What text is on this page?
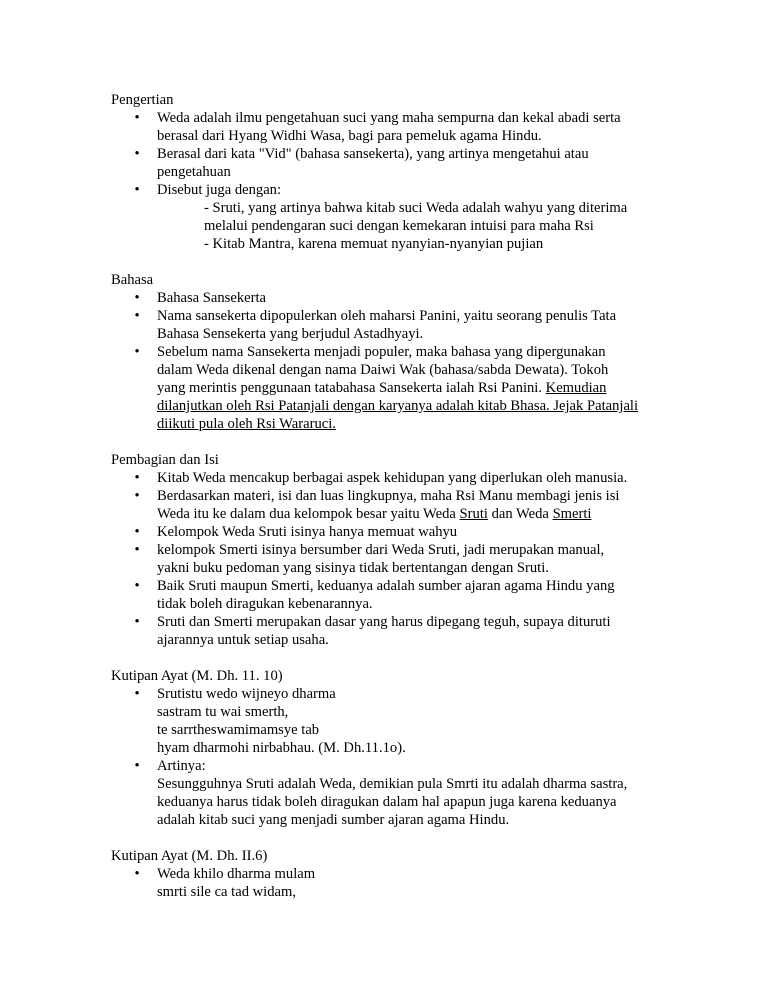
Pengertian
• Weda adalah ilmu pengetahuan suci yang maha sempurna dan kekal abadi serta
berasal dari Hyang Widhi Wasa, bagi para pemeluk agama Hindu.
• Berasal dari kata "Vid" (bahasa sansekerta), yang artinya mengetahui atau
pengetahuan
• Disebut juga dengan:
- Sruti, yang artinya bahwa kitab suci Weda adalah wahyu yang diterima
melalui pendengaran suci dengan kemekaran intuisi para maha Rsi
- Kitab Mantra, karena memuat nyanyian-nyanyian pujian
Bahasa
• Bahasa Sansekerta
• Nama sansekerta dipopulerkan oleh maharsi Panini, yaitu seorang penulis Tata
Bahasa Sensekerta yang berjudul Astadhyayi.
• Sebelum nama Sansekerta menjadi populer, maka bahasa yang dipergunakan
dalam Weda dikenal dengan nama Daiwi Wak (bahasa/sabda Dewata). Tokoh
yang merintis penggunaan tatabahasa Sansekerta ialah Rsi Panini. Kemudian
dilanjutkan oleh Rsi Patanjali dengan karyanya adalah kitab Bhasa. Jejak Patanjali
diikuti pula oleh Rsi Wararuci.
Pembagian dan Isi
• Kitab Weda mencakup berbagai aspek kehidupan yang diperlukan oleh manusia.
• Berdasarkan materi, isi dan luas lingkupnya, maha Rsi Manu membagi jenis isi
Weda itu ke dalam dua kelompok besar yaitu Weda Sruti dan Weda Smerti
• Kelompok Weda Sruti isinya hanya memuat wahyu
• kelompok Smerti isinya bersumber dari Weda Sruti, jadi merupakan manual,
yakni buku pedoman yang sisinya tidak bertentangan dengan Sruti.
• Baik Sruti maupun Smerti, keduanya adalah sumber ajaran agama Hindu yang
tidak boleh diragukan kebenarannya.
• Sruti dan Smerti merupakan dasar yang harus dipegang teguh, supaya dituruti
ajarannya untuk setiap usaha.
Kutipan Ayat (M. Dh. 11. 10)
• Srutistu wedo wijneyo dharma
sastram tu wai smerth,
te sarrtheswamimamsye tab
hyam dharmohi nirbabhau. (M. Dh.11.1o).
• Artinya:
Sesungguhnya Sruti adalah Weda, demikian pula Smrti itu adalah dharma sastra,
keduanya harus tidak boleh diragukan dalam hal apapun juga karena keduanya
adalah kitab suci yang menjadi sumber ajaran agama Hindu.
Kutipan Ayat (M. Dh. II.6)
• Weda khilo dharma mulam
smrti sile ca tad widam,
